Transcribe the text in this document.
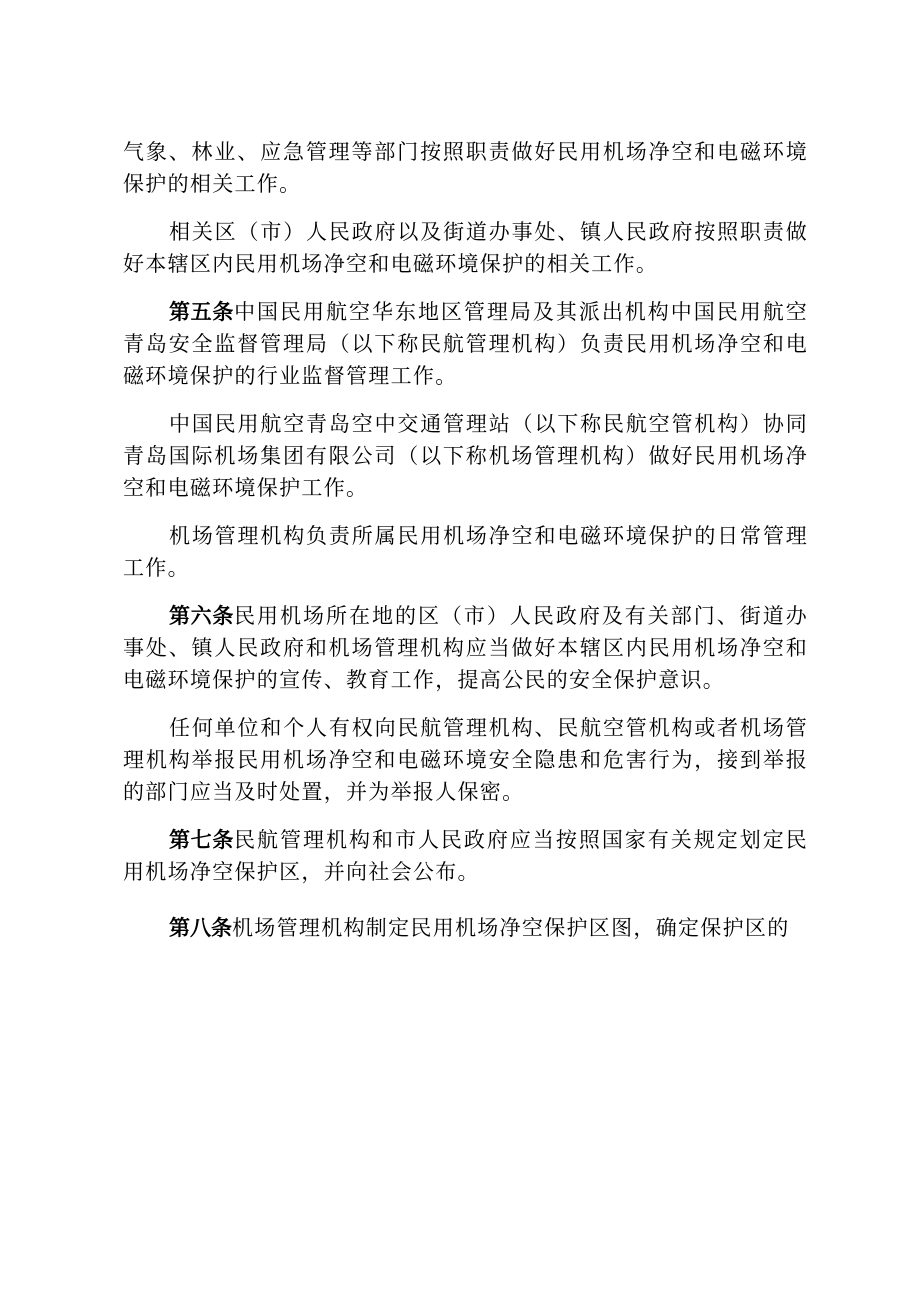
气象、林业、应急管理等部门按照职责做好民用机场净空和电磁环境保护的相关工作。

相关区（市）人民政府以及街道办事处、镇人民政府按照职责做好本辖区内民用机场净空和电磁环境保护的相关工作。

第五条中国民用航空华东地区管理局及其派出机构中国民用航空青岛安全监督管理局（以下称民航管理机构）负责民用机场净空和电磁环境保护的行业监督管理工作。

中国民用航空青岛空中交通管理站（以下称民航空管机构）协同青岛国际机场集团有限公司（以下称机场管理机构）做好民用机场净空和电磁环境保护工作。

机场管理机构负责所属民用机场净空和电磁环境保护的日常管理工作。

第六条民用机场所在地的区（市）人民政府及有关部门、街道办事处、镇人民政府和机场管理机构应当做好本辖区内民用机场净空和电磁环境保护的宣传、教育工作，提高公民的安全保护意识。

任何单位和个人有权向民航管理机构、民航空管机构或者机场管理机构举报民用机场净空和电磁环境安全隐患和危害行为，接到举报的部门应当及时处置，并为举报人保密。

第七条民航管理机构和市人民政府应当按照国家有关规定划定民用机场净空保护区，并向社会公布。

第八条机场管理机构制定民用机场净空保护区图，确定保护区的
